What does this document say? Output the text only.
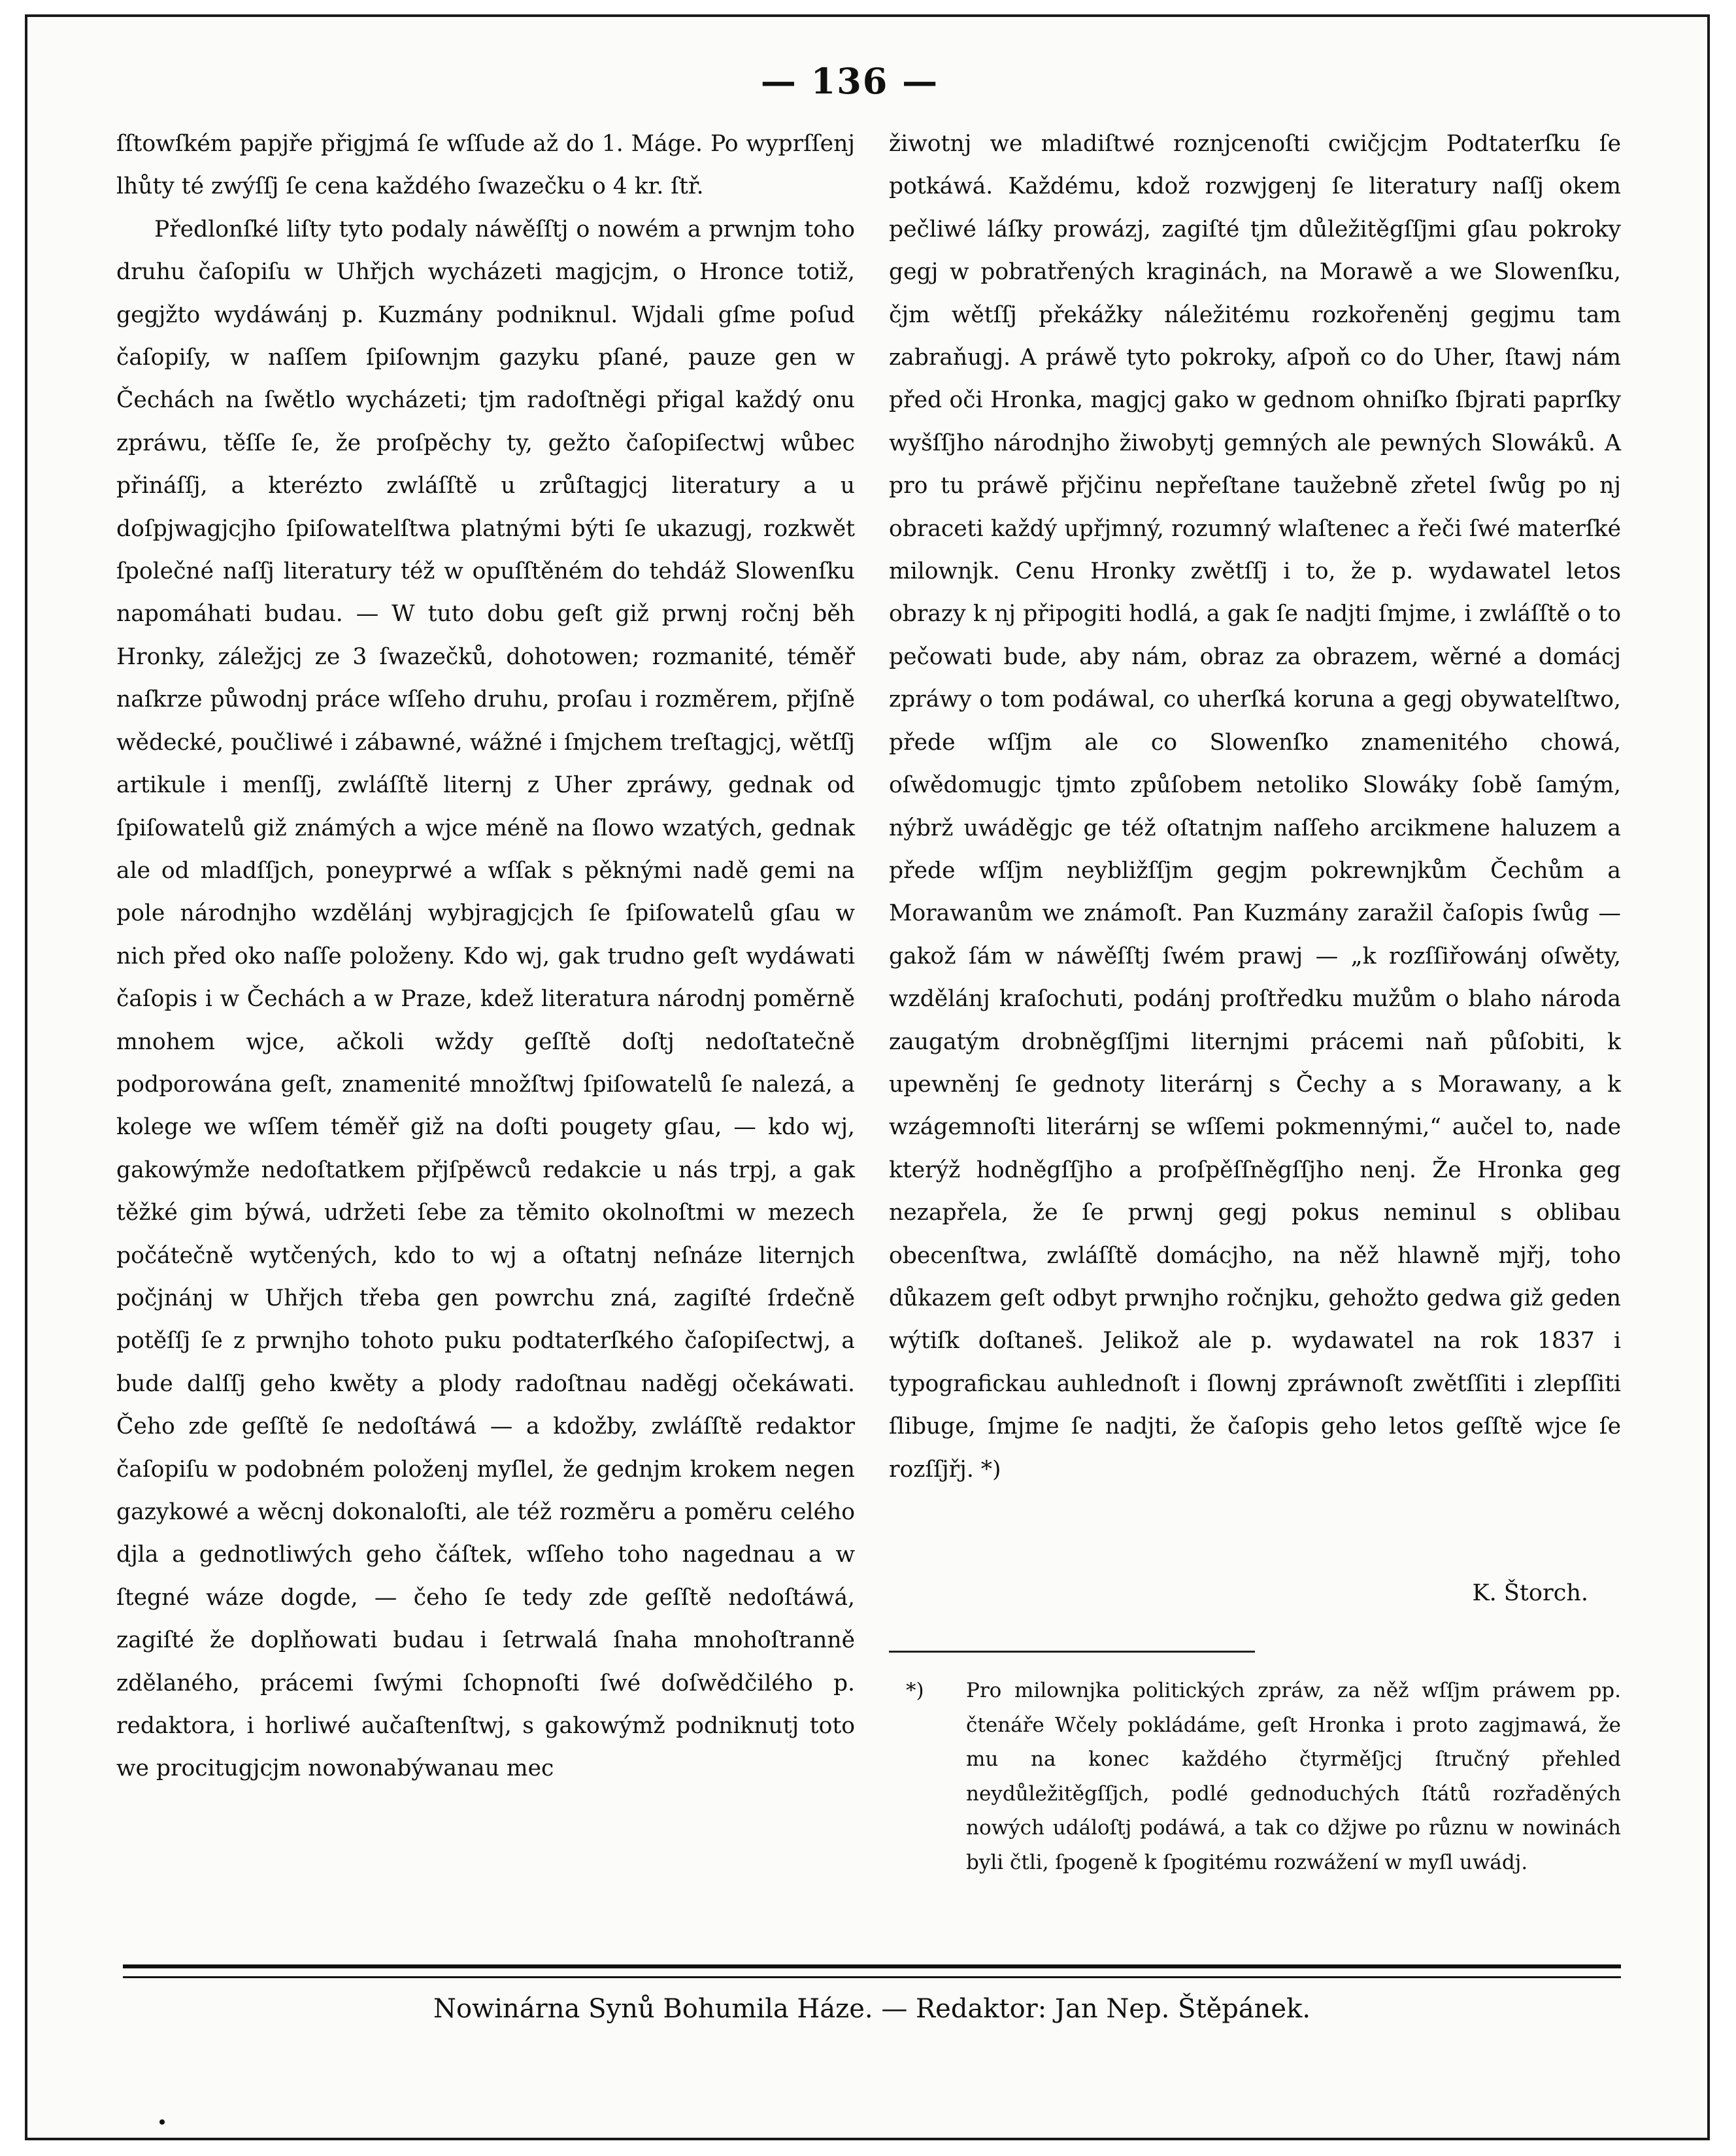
— 136 —

ſſtowſkém papjře přigjmá ſe wſſude až do 1. Máge. Po wyprſſenj lhůty té zwýſſj ſe cena každého ſwazečku o 4 kr. ſtř.

Předlonſké liſty tyto podaly náwěſſtj o nowém a prwnjm toho druhu čaſopiſu w Uhřjch wycházeti magjcjm, o Hronce totiž, gegjžto wydáwánj p. Kuzmány podniknul. Wjdali gſme poſud čaſopiſy, w naſſem ſpiſownjm gazyku pſané, pauze gen w Čechách na ſwětlo wycházeti; tjm radoſtněgi přigal každý onu zpráwu, těſſe ſe, že proſpěchy ty, gežto čaſopiſectwj wůbec přináſſj, a kterézto zwláſſtě u zrůſtagjcj literatury a u doſpjwagjcjho ſpiſowatelſtwa platnými býti ſe ukazugj, rozkwět ſpolečné naſſj literatury též w opuſſtěném do tehdáž Slowenſku napomáhati budau. — W tuto dobu geſt giž prwnj ročnj běh Hronky, záležjcj ze 3 ſwazečků, dohotowen; rozmanité, téměř naſkrze půwodnj práce wſſeho druhu, proſau i rozměrem, přjſně wědecké, poučliwé i zábawné, wážné i ſmjchem treſtagjcj, wětſſj artikule i menſſj, zwláſſtě liternj z Uher zpráwy, gednak od ſpiſowatelů giž známých a wjce méně na ſlowo wzatých, gednak ale od mladſſjch, poneyprwé a wſſak s pěknými nadě gemi na pole národnjho wzdělánj wybjragjcjch ſe ſpiſowatelů gſau w nich před oko naſſe položeny. Kdo wj, gak trudno geſt wydáwati čaſopis i w Čechách a w Praze, kdež literatura národnj poměrně mnohem wjce, ačkoli wždy geſſtě doſtj nedoſtatečně podporowána geſt, znamenité množſtwj ſpiſowatelů ſe nalezá, a kolege we wſſem téměř giž na doſti pougety gſau, — kdo wj, gakowýmže nedoſtatkem přjſpěwců redakcie u nás trpj, a gak těžké gim býwá, udržeti ſebe za těmito okolnoſtmi w mezech počátečně wytčených, kdo to wj a oſtatnj neſnáze liternjch počjnánj w Uhřjch třeba gen powrchu zná, zagiſté ſrdečně potěſſj ſe z prwnjho tohoto puku podtaterſkého čaſopiſectwj, a bude dalſſj geho kwěty a plody radoſtnau naděgj očekáwati. Čeho zde geſſtě ſe nedoſtáwá — a kdožby, zwláſſtě redaktor čaſopiſu w podobném položenj myſlel, že gednjm krokem negen gazykowé a wěcnj dokonaloſti, ale též rozměru a poměru celého djla a gednotliwých geho čáſtek, wſſeho toho nagednau a w ſtegné wáze dogde, — čeho ſe tedy zde geſſtě nedoſtáwá, zagiſté že doplňowati budau i ſetrwalá ſnaha mnohoſtranně zdělaného, prácemi ſwými ſchopnoſti ſwé doſwědčilého p. redaktora, i horliwé aučaſtenſtwj, s gakowýmž podniknutj toto we procitugjcjm nowonabýwanau mec

žiwotnj we mladiſtwé roznjcenoſti cwičjcjm Podtaterſku ſe potkáwá. Každému, kdož rozwjgenj ſe literatury naſſj okem pečliwé láſky prowázj, zagiſté tjm důležitěgſſjmi gſau pokroky gegj w pobratřených kraginách, na Morawě a we Slowenſku, čjm wětſſj překážky náležitému rozkořeněnj gegjmu tam zabraňugj. A práwě tyto pokroky, aſpoň co do Uher, ſtawj nám před oči Hronka, magjcj gako w gednom ohniſko ſbjrati paprſky wyšſſjho národnjho žiwobytj gemných ale pewných Slowáků. A pro tu práwě přjčinu nepřeſtane taužebně zřetel ſwůg po nj obraceti každý upřjmný, rozumný wlaſtenec a řeči ſwé materſké milownjk. Cenu Hronky zwětſſj i to, že p. wydawatel letos obrazy k nj připogiti hodlá, a gak ſe nadjti ſmjme, i zwláſſtě o to pečowati bude, aby nám, obraz za obrazem, wěrné a domácj zpráwy o tom podáwal, co uherſká koruna a gegj obywatelſtwo, přede wſſjm ale co Slowenſko znamenitého chowá, oſwědomugjc tjmto způſobem netoliko Slowáky ſobě ſamým, nýbrž uwáděgjc ge též oſtatnjm naſſeho arcikmene haluzem a přede wſſjm neybližſſjm gegjm pokrewnjkům Čechům a Morawanům we známoſt. Pan Kuzmány zaražil čaſopis ſwůg — gakož ſám w náwěſſtj ſwém prawj — „k rozſſiřowánj oſwěty, wzdělánj kraſochuti, podánj proſtředku mužům o blaho národa zaugatým drobněgſſjmi liternjmi prácemi naň půſobiti, k upewněnj ſe gednoty literárnj s Čechy a s Morawany, a k wzágemnoſti literárnj se wſſemi pokmennými,“ aučel to, nade kterýž hodněgſſjho a proſpěſſněgſſjho nenj. Že Hronka geg nezapřela, že ſe prwnj gegj pokus neminul s oblibau obecenſtwa, zwláſſtě domácjho, na něž hlawně mjřj, toho důkazem geſt odbyt prwnjho ročnjku, gehožto gedwa giž geden wýtiſk doſtaneš. Jelikož ale p. wydawatel na rok 1837 i typografickau auhlednoſt i ſlownj zpráwnoſt zwětſſiti i zlepſſiti ſlibuge, ſmjme ſe nadjti, že čaſopis geho letos geſſtě wjce ſe rozſſjřj. *)

K. Štorch.
*)	Pro milownjka politických zpráw, za něž wſſjm práwem pp. čtenáře Wčely pokládáme, geſt Hronka i proto zagjmawá, že mu na konec každého čtyrměſjcj ſtručný přehled neydůležitěgſſjch, podlé gednoduchých ſtátů rozřaděných nowých událoſtj podáwá, a tak co džjwe po různu w nowinách byli čtli, ſpogeně k ſpogitému rozwážení w myſl uwádj.
Nowinárna Synů Bohumila Háze. — Redaktor: Jan Nep. Štěpánek.
